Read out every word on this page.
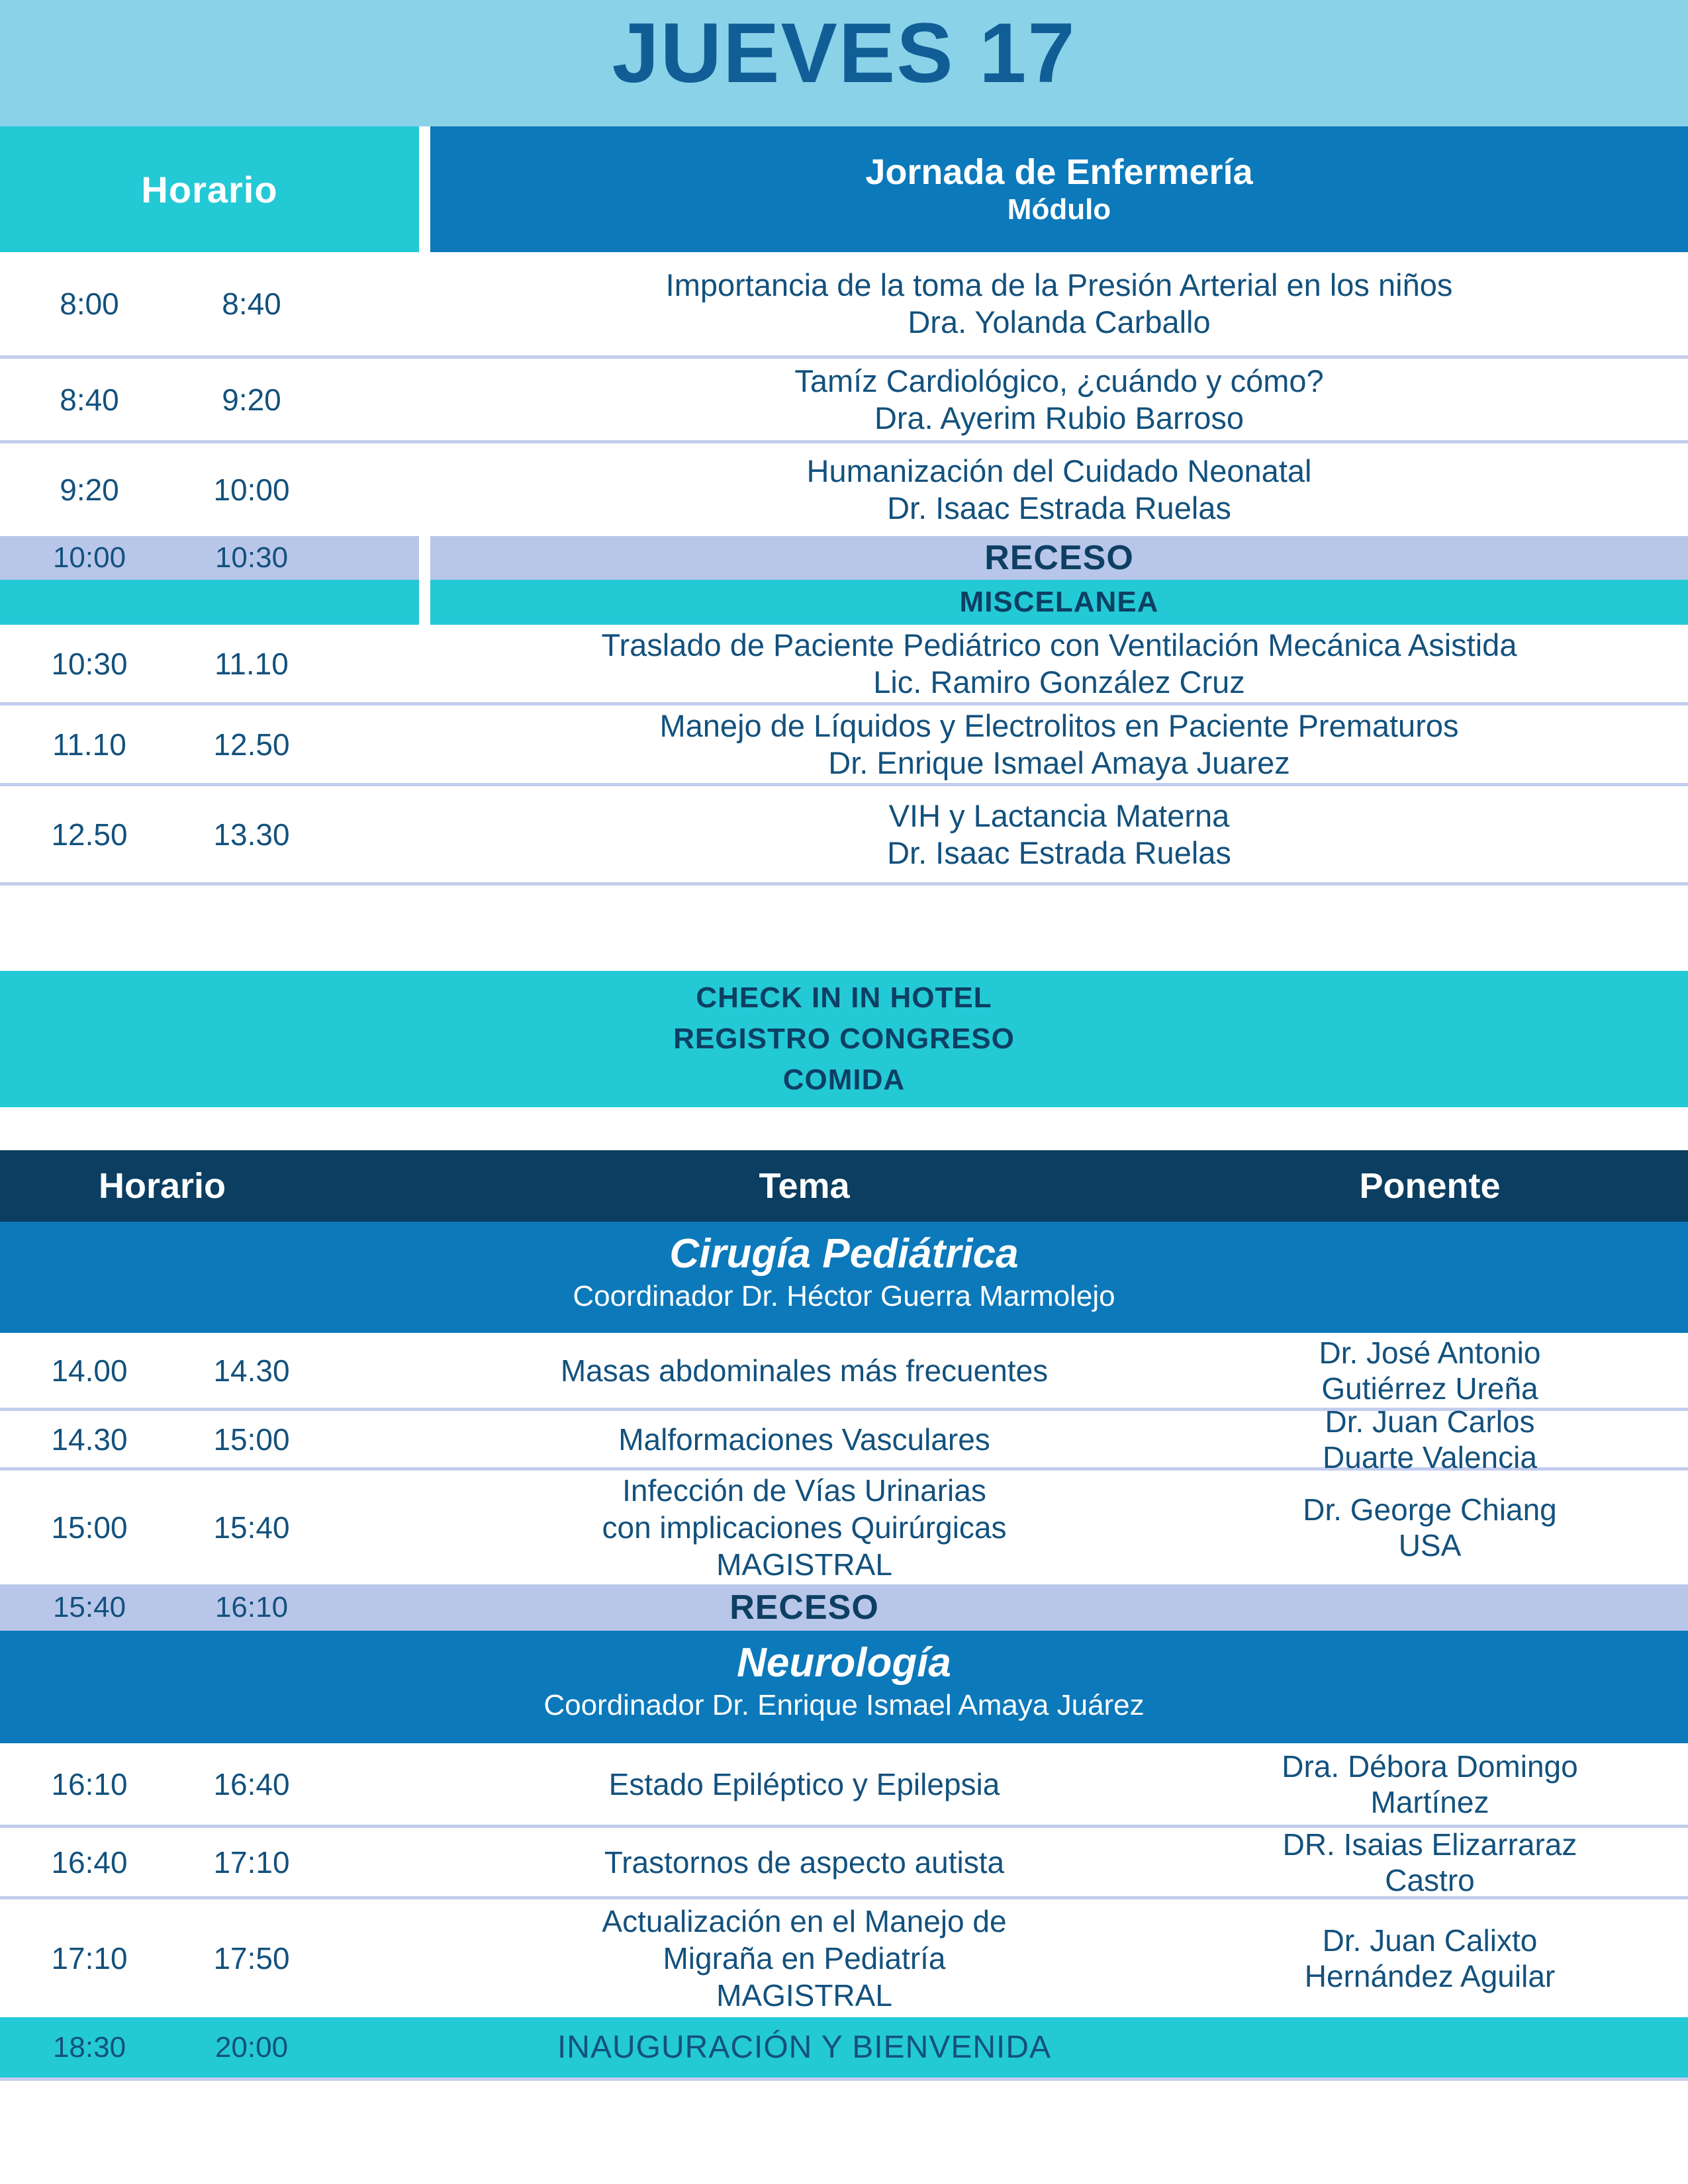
JUEVES 17
Horario	Jornada de Enfermería
Módulo
8:00	8:40
Importancia de la toma de la Presión Arterial en los niños
Dra. Yolanda Carballo
8:40	9:20
Tamíz Cardiológico, ¿cuándo y cómo?
Dra. Ayerim Rubio Barroso
9:20	10:00
Humanización del Cuidado Neonatal
Dr. Isaac Estrada Ruelas
10:00	10:30	RECESO
MISCELANEA
10:30	11.10
Traslado de Paciente Pediátrico con Ventilación Mecánica Asistida
Lic. Ramiro González Cruz
11.10	12.50
Manejo de Líquidos y Electrolitos en Paciente Prematuros
Dr. Enrique Ismael Amaya Juarez
12.50	13.30
VIH y Lactancia Materna
Dr. Isaac Estrada Ruelas
CHECK IN IN HOTEL
REGISTRO CONGRESO
COMIDA
Horario	Tema	Ponente
Cirugía Pediátrica
Coordinador Dr. Héctor Guerra Marmolejo
14.00	14.30	Masas abdominales más frecuentes
Dr. José Antonio
Gutiérrez Ureña
14.30	15:00	Malformaciones Vasculares
Dr. Juan Carlos
Duarte Valencia
15:00	15:40
Infección de Vías Urinarias
con implicaciones Quirúrgicas
MAGISTRAL
Dr. George Chiang
USA
15:40	16:10	RECESO
Neurología
Coordinador Dr. Enrique Ismael Amaya Juárez
16:10	16:40	Estado Epiléptico y Epilepsia
Dra. Débora Domingo
Martínez
16:40	17:10	Trastornos de aspecto autista
DR. Isaias Elizarraraz
Castro
17:10	17:50
Actualización en el Manejo de
Migraña en Pediatría
MAGISTRAL
Dr. Juan Calixto
Hernández Aguilar
18:30	20:00	INAUGURACIÓN Y BIENVENIDA
